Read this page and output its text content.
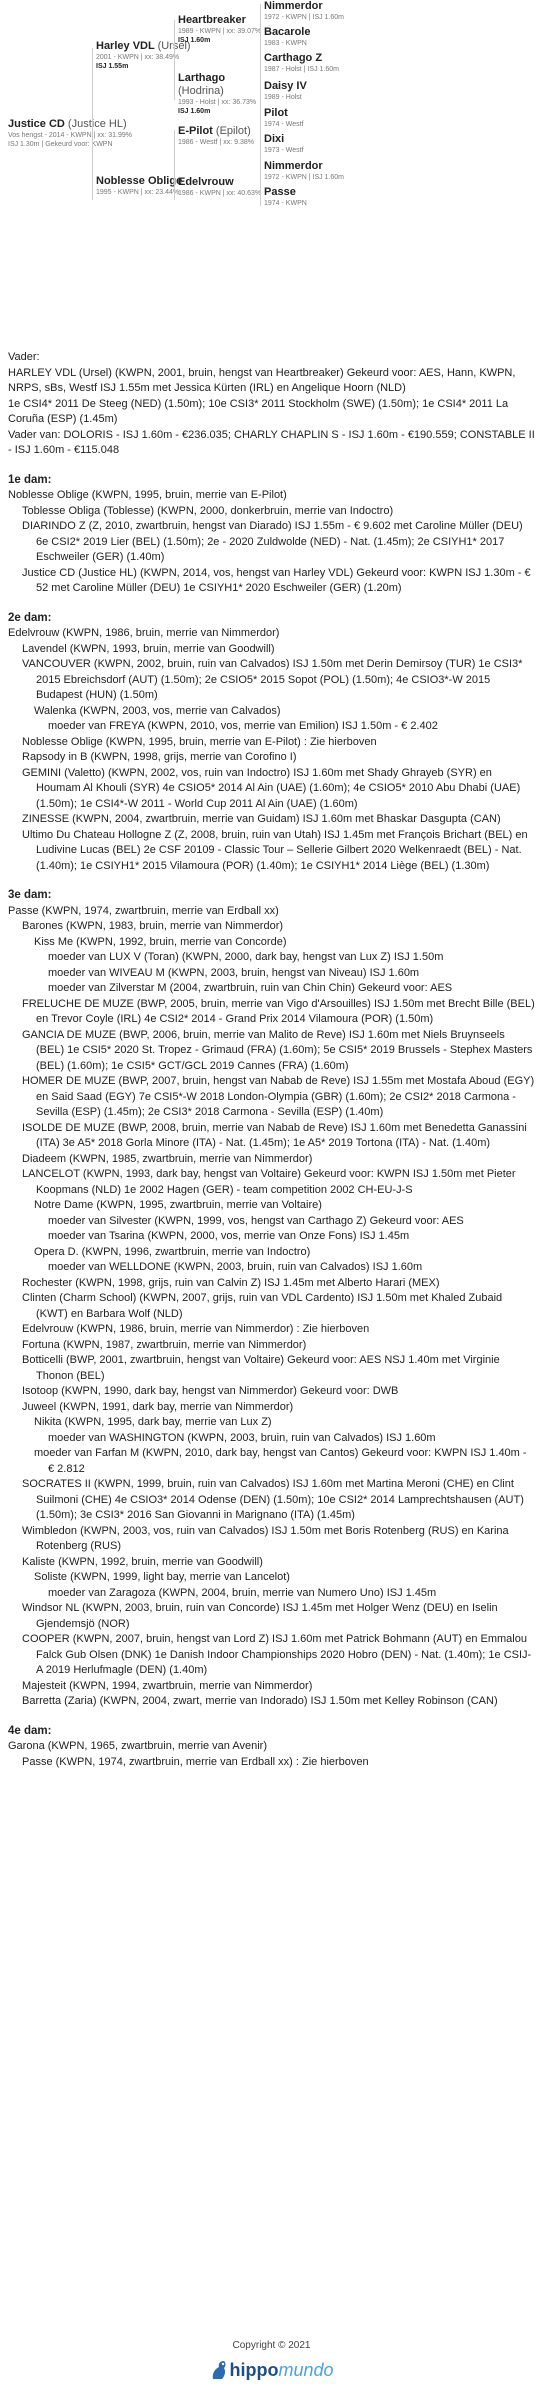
Justice CD (Justice HL)
Vos hengst - 2014 - KWPN | xx: 31.99%
ISJ 1.30m | Gekeurd voor: KWPN
Harley VDL (Ursel)
2001 - KWPN | xx: 38.49%
ISJ 1.55m
Noblesse Oblige
1995 - KWPN | xx: 23.44%
Heartbreaker
1989 - KWPN | xx: 39.07%
ISJ 1.60m
Larthago (Hodrina)
1993 - Holst | xx: 36.73%
ISJ 1.60m
E-Pilot (Epilot)
1986 - Westf | xx: 9.38%
Edelvrouw
1986 - KWPN | xx: 40.63%
Nimmerdor
1972 - KWPN | ISJ 1.60m
Bacarole
1983 - KWPN
Carthago Z
1987 - Holst | ISJ 1.60m
Daisy IV
1989 - Holst
Pilot
1974 - Westf
Dixi
1973 - Westf
Nimmerdor
1972 - KWPN | ISJ 1.60m
Passe
1974 - KWPN
Vader:
HARLEY VDL (Ursel) (KWPN, 2001, bruin, hengst van Heartbreaker) Gekeurd voor: AES, Hann, KWPN, NRPS, sBs, Westf ISJ 1.55m met Jessica Kürten (IRL) en Angelique Hoorn (NLD)
1e CSI4* 2011 De Steeg (NED) (1.50m); 10e CSI3* 2011 Stockholm (SWE) (1.50m); 1e CSI4* 2011 La Coruña (ESP) (1.45m)
Vader van: DOLORIS - ISJ 1.60m - €236.035; CHARLY CHAPLIN S - ISJ 1.60m - €190.559; CONSTABLE II - ISJ 1.60m - €115.048
1e dam:
Noblesse Oblige (KWPN, 1995, bruin, merrie van E-Pilot)
Toblesse Obliga (Toblesse) (KWPN, 2000, donkerbruin, merrie van Indoctro)
DIARINDO Z (Z, 2010, zwartbruin, hengst van Diarado) ISJ 1.55m - € 9.602 met Caroline Müller (DEU) 6e CSI2* 2019 Lier (BEL) (1.50m); 2e - 2020 Zuldwolde (NED) - Nat. (1.45m); 2e CSIYH1* 2017 Eschweiler (GER) (1.40m)
Justice CD (Justice HL) (KWPN, 2014, vos, hengst van Harley VDL) Gekeurd voor: KWPN ISJ 1.30m - € 52 met Caroline Müller (DEU) 1e CSIYH1* 2020 Eschweiler (GER) (1.20m)
2e dam:
Edelvrouw (KWPN, 1986, bruin, merrie van Nimmerdor)
Lavendel (KWPN, 1993, bruin, merrie van Goodwill)
VANCOUVER (KWPN, 2002, bruin, ruin van Calvados) ISJ 1.50m met Derin Demirsoy (TUR) 1e CSI3* 2015 Ebreichsdorf (AUT) (1.50m); 2e CSIO5* 2015 Sopot (POL) (1.50m); 4e CSIO3*-W 2015 Budapest (HUN) (1.50m)
Walenka (KWPN, 2003, vos, merrie van Calvados)
moeder van FREYA (KWPN, 2010, vos, merrie van Emilion) ISJ 1.50m - € 2.402
Noblesse Oblige (KWPN, 1995, bruin, merrie van E-Pilot) : Zie hierboven
Rapsody in B (KWPN, 1998, grijs, merrie van Corofino I)
GEMINI (Valetto) (KWPN, 2002, vos, ruin van Indoctro) ISJ 1.60m met Shady Ghrayeb (SYR) en Houmam Al Khouli (SYR) 4e CSIO5* 2014 Al Ain (UAE) (1.60m); 4e CSIO5* 2010 Abu Dhabi (UAE) (1.50m); 1e CSI4*-W 2011 - World Cup 2011 Al Ain (UAE) (1.60m)
ZINESSE (KWPN, 2004, zwartbruin, merrie van Guidam) ISJ 1.60m met Bhaskar Dasgupta (CAN)
Ultimo Du Chateau Hollogne Z (Z, 2008, bruin, ruin van Utah) ISJ 1.45m met François Brichart (BEL) en Ludivine Lucas (BEL) 2e CSF 20109 - Classic Tour – Sellerie Gilbert 2020 Welkenraedt (BEL) - Nat. (1.40m); 1e CSIYH1* 2015 Vilamoura (POR) (1.40m); 1e CSIYH1* 2014 Liège (BEL) (1.30m)
3e dam:
Passe (KWPN, 1974, zwartbruin, merrie van Erdball xx)
Barones (KWPN, 1983, bruin, merrie van Nimmerdor)
Kiss Me (KWPN, 1992, bruin, merrie van Concorde)
moeder van LUX V (Toran) (KWPN, 2000, dark bay, hengst van Lux Z) ISJ 1.50m
moeder van WIVEAU M (KWPN, 2003, bruin, hengst van Niveau) ISJ 1.60m
moeder van Zilverstar M (2004, zwartbruin, ruin van Chin Chin) Gekeurd voor: AES
FRELUCHE DE MUZE (BWP, 2005, bruin, merrie van Vigo d'Arsouilles) ISJ 1.50m met Brecht Bille (BEL) en Trevor Coyle (IRL) 4e CSI2* 2014 - Grand Prix 2014 Vilamoura (POR) (1.50m)
GANCIA DE MUZE (BWP, 2006, bruin, merrie van Malito de Reve) ISJ 1.60m met Niels Bruynseels (BEL) 1e CSI5* 2020 St. Tropez - Grimaud (FRA) (1.60m); 5e CSI5* 2019 Brussels - Stephex Masters (BEL) (1.60m); 1e CSI5* GCT/GCL 2019 Cannes (FRA) (1.60m)
HOMER DE MUZE (BWP, 2007, bruin, hengst van Nabab de Reve) ISJ 1.55m met Mostafa Aboud (EGY) en Said Saad (EGY) 7e CSI5*-W 2018 London-Olympia (GBR) (1.60m); 2e CSI2* 2018 Carmona - Sevilla (ESP) (1.45m); 2e CSI3* 2018 Carmona - Sevilla (ESP) (1.40m)
ISOLDE DE MUZE (BWP, 2008, bruin, merrie van Nabab de Reve) ISJ 1.60m met Benedetta Ganassini (ITA) 3e A5* 2018 Gorla Minore (ITA) - Nat. (1.45m); 1e A5* 2019 Tortona (ITA) - Nat. (1.40m)
Diadeem (KWPN, 1985, zwartbruin, merrie van Nimmerdor)
LANCELOT (KWPN, 1993, dark bay, hengst van Voltaire) Gekeurd voor: KWPN ISJ 1.50m met Pieter Koopmans (NLD) 1e 2002 Hagen (GER) - team competition 2002 CH-EU-J-S
Notre Dame (KWPN, 1995, zwartbruin, merrie van Voltaire)
moeder van Silvester (KWPN, 1999, vos, hengst van Carthago Z) Gekeurd voor: AES
moeder van Tsarina (KWPN, 2000, vos, merrie van Onze Fons) ISJ 1.45m
Opera D. (KWPN, 1996, zwartbruin, merrie van Indoctro)
moeder van WELLDONE (KWPN, 2003, bruin, ruin van Calvados) ISJ 1.60m
Rochester (KWPN, 1998, grijs, ruin van Calvin Z) ISJ 1.45m met Alberto Harari (MEX)
Clinten (Charm School) (KWPN, 2007, grijs, ruin van VDL Cardento) ISJ 1.50m met Khaled Zubaid (KWT) en Barbara Wolf (NLD)
Edelvrouw (KWPN, 1986, bruin, merrie van Nimmerdor) : Zie hierboven
Fortuna (KWPN, 1987, zwartbruin, merrie van Nimmerdor)
Botticelli (BWP, 2001, zwartbruin, hengst van Voltaire) Gekeurd voor: AES NSJ 1.40m met Virginie Thonon (BEL)
Isotoop (KWPN, 1990, dark bay, hengst van Nimmerdor) Gekeurd voor: DWB
Juweel (KWPN, 1991, dark bay, merrie van Nimmerdor)
Nikita (KWPN, 1995, dark bay, merrie van Lux Z)
moeder van WASHINGTON (KWPN, 2003, bruin, ruin van Calvados) ISJ 1.60m
moeder van Farfan M (KWPN, 2010, dark bay, hengst van Cantos) Gekeurd voor: KWPN ISJ 1.40m - € 2.812
SOCRATES II (KWPN, 1999, bruin, ruin van Calvados) ISJ 1.60m met Martina Meroni (CHE) en Clint Suilmoni (CHE) 4e CSIO3* 2014 Odense (DEN) (1.50m); 10e CSI2* 2014 Lamprechtshausen (AUT) (1.50m); 3e CSI3* 2016 San Giovanni in Marignano (ITA) (1.45m)
Wimbledon (KWPN, 2003, vos, ruin van Calvados) ISJ 1.50m met Boris Rotenberg (RUS) en Karina Rotenberg (RUS)
Kaliste (KWPN, 1992, bruin, merrie van Goodwill)
Soliste (KWPN, 1999, light bay, merrie van Lancelot)
moeder van Zaragoza (KWPN, 2004, bruin, merrie van Numero Uno) ISJ 1.45m
Windsor NL (KWPN, 2003, bruin, ruin van Concorde) ISJ 1.45m met Holger Wenz (DEU) en Iselin Gjendemsjö (NOR)
COOPER (KWPN, 2007, bruin, hengst van Lord Z) ISJ 1.60m met Patrick Bohmann (AUT) en Emmalou Falck Gub Olsen (DNK) 1e Danish Indoor Championships 2020 Hobro (DEN) - Nat. (1.40m); 1e CSIJ-A 2019 Herlufmagle (DEN) (1.40m)
Majesteit (KWPN, 1994, zwartbruin, merrie van Nimmerdor)
Barretta (Zaria) (KWPN, 2004, zwart, merrie van Indorado) ISJ 1.50m met Kelley Robinson (CAN)
4e dam:
Garona (KWPN, 1965, zwartbruin, merrie van Avenir)
Passe (KWPN, 1974, zwartbruin, merrie van Erdball xx) : Zie hierboven
Copyright © 2021
hippo mundo
